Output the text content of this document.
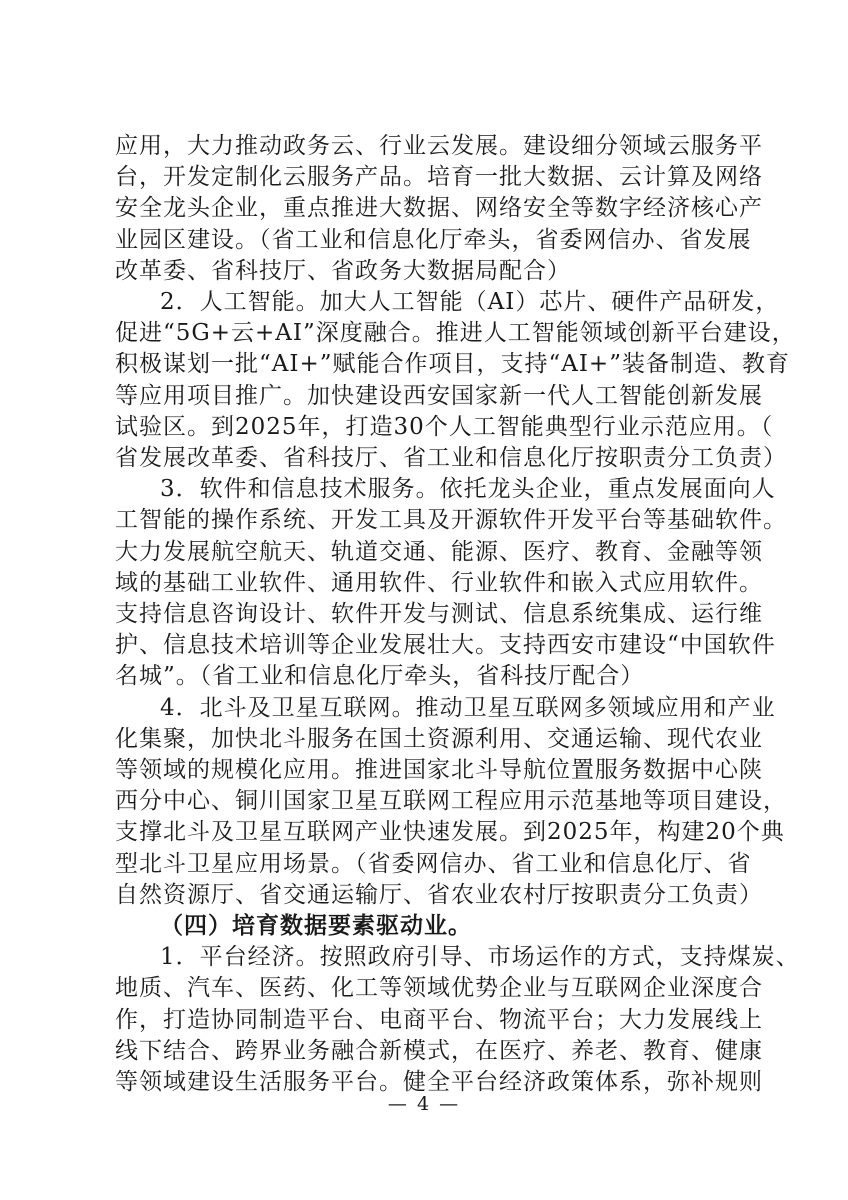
应用，大力推动政务云、行业云发展。建设细分领域云服务平
台，开发定制化云服务产品。培育一批大数据、云计算及网络
安全龙头企业，重点推进大数据、网络安全等数字经济核心产
业园区建设。（省工业和信息化厅牵头，省委网信办、省发展
改革委、省科技厅、省政务大数据局配合）
2．人工智能。加大人工智能（AI）芯片、硬件产品研发，
促进“5G+云+AI”深度融合。推进人工智能领域创新平台建设，
积极谋划一批“AI+”赋能合作项目，支持“AI+”装备制造、教育
等应用项目推广。加快建设西安国家新一代人工智能创新发展
试验区。到2025年，打造30个人工智能典型行业示范应用。（
省发展改革委、省科技厅、省工业和信息化厅按职责分工负责）
3．软件和信息技术服务。依托龙头企业，重点发展面向人
工智能的操作系统、开发工具及开源软件开发平台等基础软件。
大力发展航空航天、轨道交通、能源、医疗、教育、金融等领
域的基础工业软件、通用软件、行业软件和嵌入式应用软件。
支持信息咨询设计、软件开发与测试、信息系统集成、运行维
护、信息技术培训等企业发展壮大。支持西安市建设“中国软件
名城”。（省工业和信息化厅牵头，省科技厅配合）
4．北斗及卫星互联网。推动卫星互联网多领域应用和产业
化集聚，加快北斗服务在国土资源利用、交通运输、现代农业
等领域的规模化应用。推进国家北斗导航位置服务数据中心陕
西分中心、铜川国家卫星互联网工程应用示范基地等项目建设，
支撑北斗及卫星互联网产业快速发展。到2025年，构建20个典
型北斗卫星应用场景。（省委网信办、省工业和信息化厅、省
自然资源厅、省交通运输厅、省农业农村厅按职责分工负责）
（四）培育数据要素驱动业。
1．平台经济。按照政府引导、市场运作的方式，支持煤炭、
地质、汽车、医药、化工等领域优势企业与互联网企业深度合
作，打造协同制造平台、电商平台、物流平台；大力发展线上
线下结合、跨界业务融合新模式，在医疗、养老、教育、健康
等领域建设生活服务平台。健全平台经济政策体系，弥补规则
— 4 —
